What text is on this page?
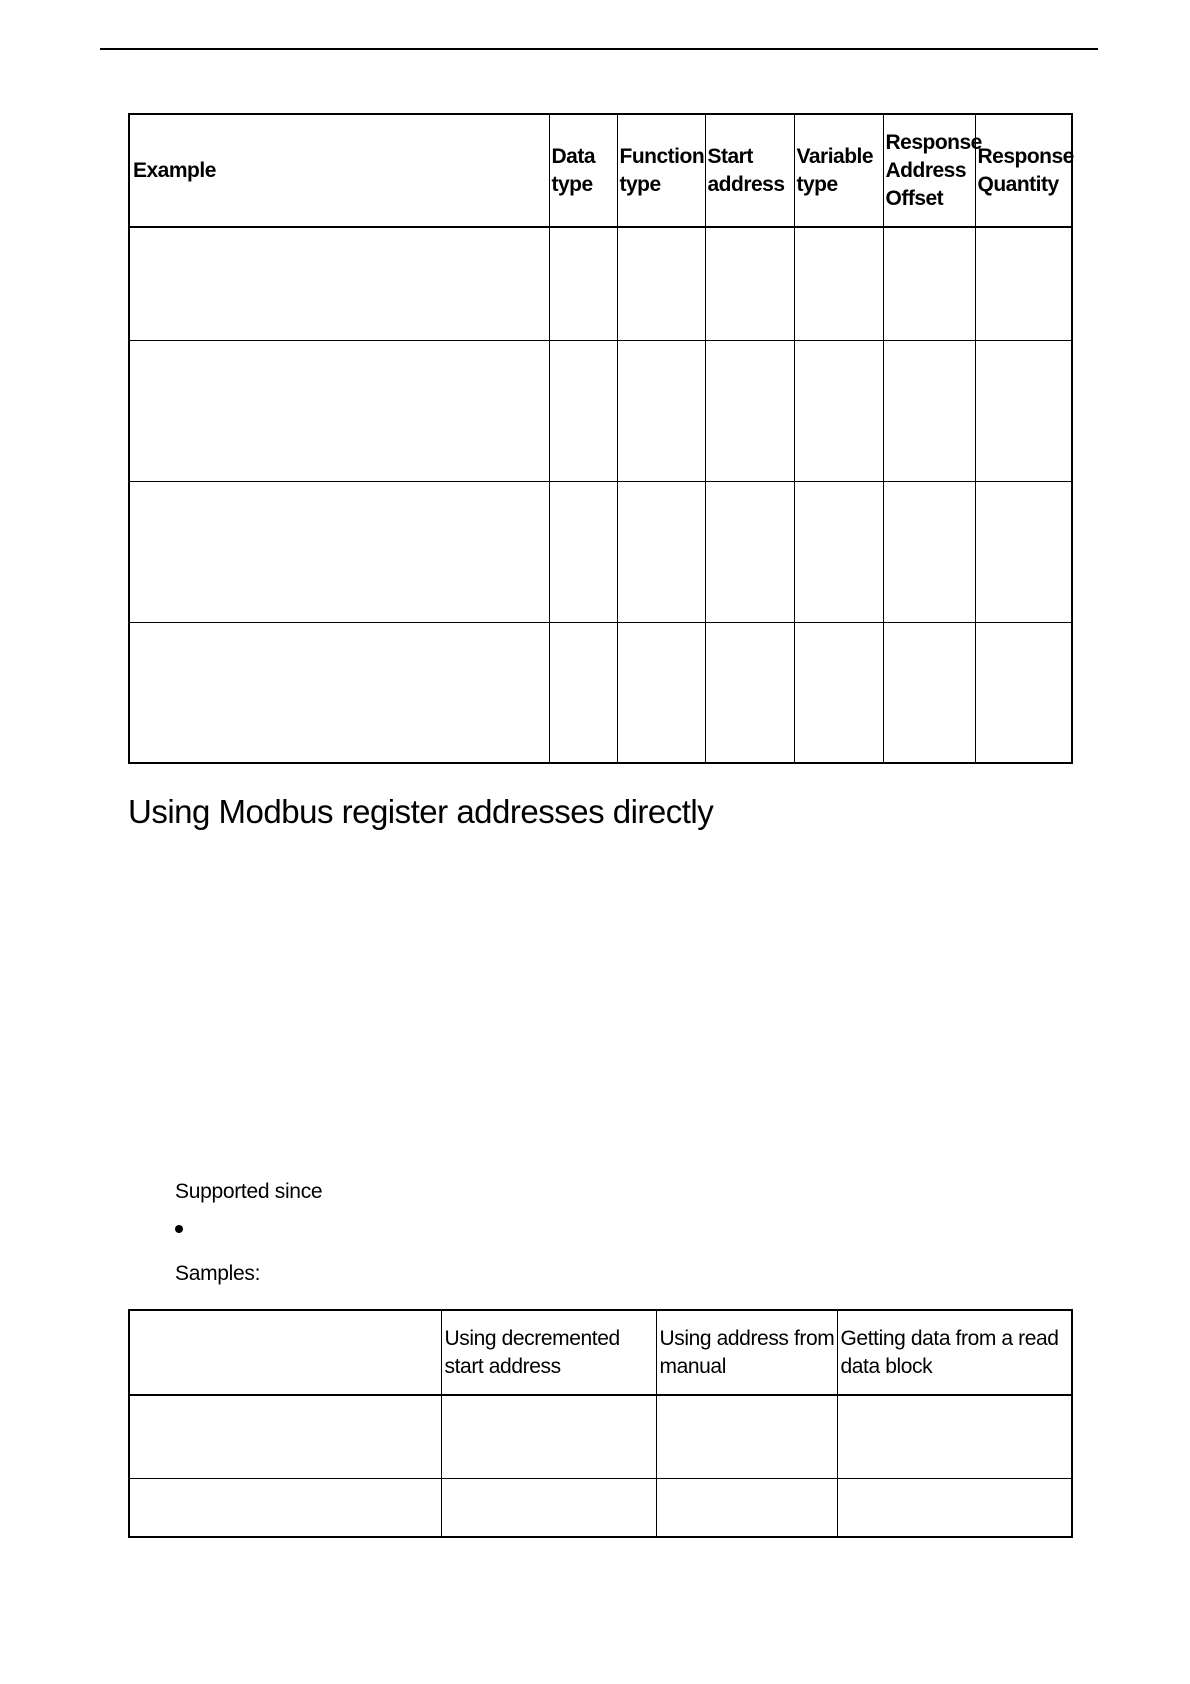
Example	Data type	Function type	Start address	Variable type	Response Address Offset	Response Quantity

Using Modbus register addresses directly
Supported since
Samples:
	Using decremented start address	Using address from manual	Getting data from a read data block
